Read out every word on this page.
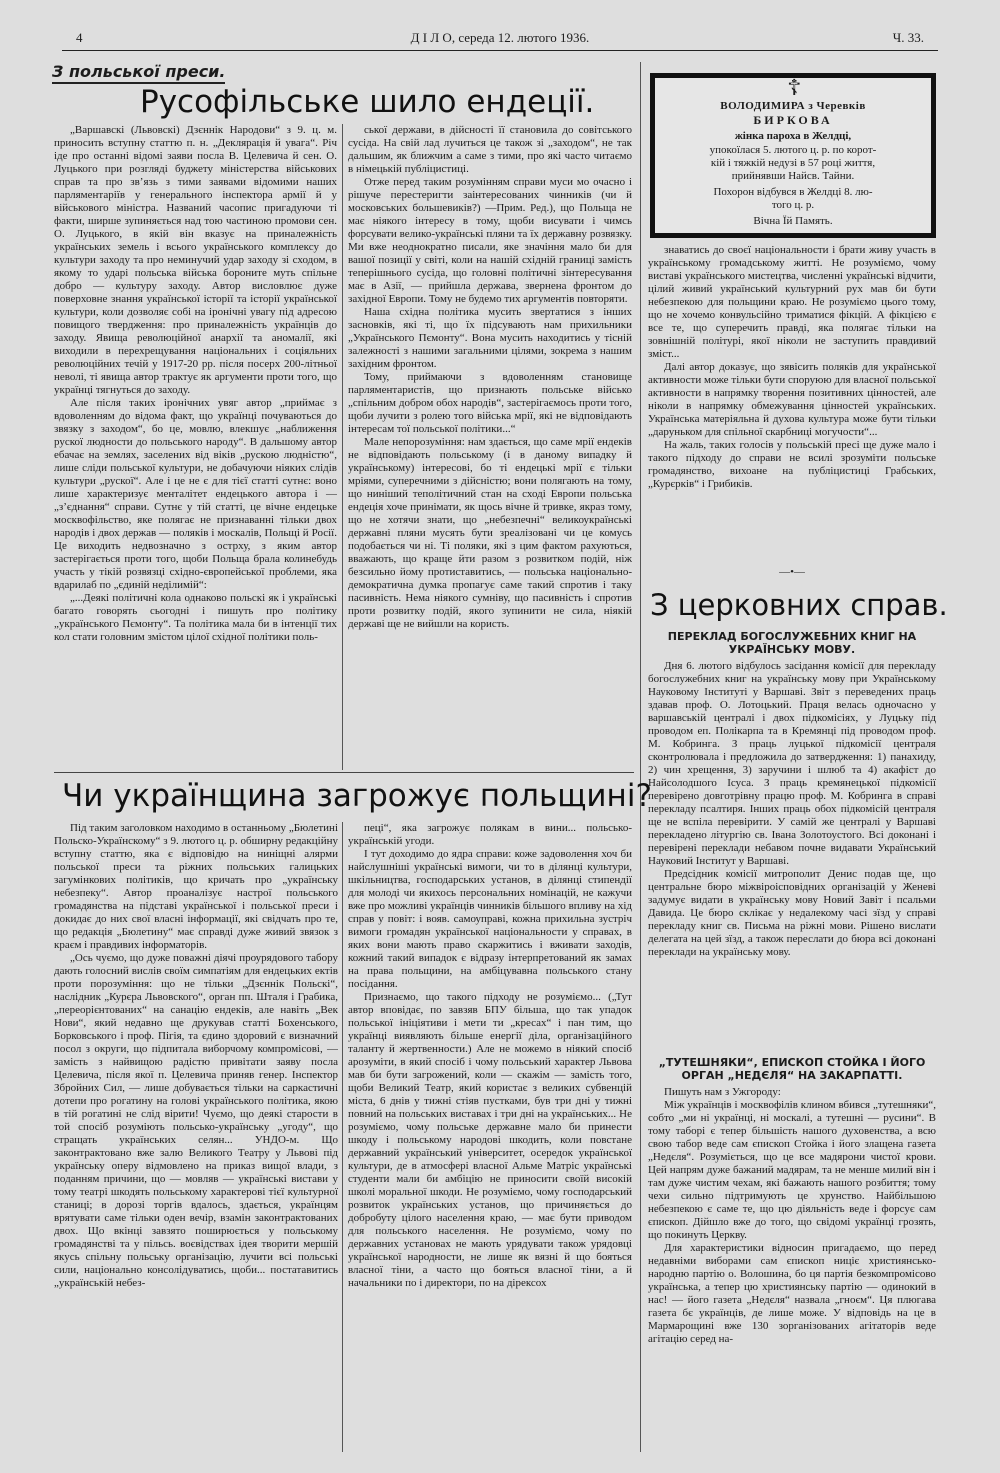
4	Д І Л О, середа 12. лютого 1936.	Ч. 33.
З польської преси.
Русофільське шило ендеції.

„Варшавскі (Львовскі) Дзєннік Народови“ з 9. ц. м. приносить вступну статтю п. н. „Деклярація й увага“. Річ іде про останні відомі заяви посла В. Целевича й сен. О. Луцького при розгляді буджету міністерства військових справ та про зв’язь з тими заявами відомими наших парляментаріїв у генерального інспектора армії й у військового міністра. Названий часопис пригадуючи ті факти, ширше зупиняється над тою частиною промови сен. О. Луцького, в якій він вказує на приналежність українських земель і всього українського комплексу до культури заходу та про неминучий удар заходу зі сходом, в якому то ударі польська війська бороните муть спільне добро — культуру заходу. Автор висловлює дуже поверховне знання української історії та історії української культури, коли дозволяє собі на іронічні увагу під адресою повищого твердження: про приналежність українців до заходу. Явища революційної анархії та аномалії, які виходили в перехрещування національних і соціяльних революційних течій у 1917-20 рр. після посерх 200-літньої неволі, ті явища автор трактує як аргументи проти того, що українці тягнуться до заходу.

Але після таких іронічних увяг автор „приймає з вдоволенням до відома факт, що українці почуваються до звязку з заходом“, бо це, мовлю, влекшує „наближення рускої людности до польського народу“. В дальшому автор ебачає на землях, заселених від віків „рускою людністю“, лише сліди польської культури, не добачуючи ніяких слідів культури „рускої“. Але і це не є для тієї статті сутнє: воно лише характеризує менталітет ендецького автора і — „з’єднання“ справи. Сутнє у тій статті, це вічне ендецьке москвофільство, яке полягає не признаванні тільки двох народів і двох держав — поляків і москалів, Польщі й Росії. Це виходить недвозначно з острху, з яким автор застерігається проти того, щоби Польща брала колинебудь участь у тікій розвязці східно-європейської проблеми, яка вдарилаб по „єдиній неділимій“:

„...Деякі політичні кола однаково польскі як і українські багато говорять сьогодні і пишуть про політику „українського Пємонту“. Та політика мала би в інтенції тих кол стати головним змістом цілої східної політики поль-

ської держави, в дійсності її становила до совітського сусіда. На свій лад лучиться це також зі „заходом“, не так дальшим, як ближчим а саме з тими, про які часто читаємо в німецькій публіцистиці.

Отже перед таким розумінням справи муси мо очасно і рішуче перестеригти заінтересованих чинників (чи й московських большевиків?) —Прим. Ред.), що Польща не має ніякого інтересу в тому, щоби висувати і чимсь форсувати велико-українські пляни та їх державну розвязку. Ми вже неоднократно писали, яке значіння мало би для вашої позиції у світі, коли на нашій східній границі замість теперішнього сусіда, що головні політичні зінтересування має в Азії, — прийшла держава, звернена фронтом до західної Европи. Тому не будемо тих аргументів повторяти.

Наша східна політика мусить звертатися з інших засновків, які ті, що їх підсувають нам прихильники „Українського Пємонту“. Вона мусить находитись у тісній залежності з нашими загальними цілями, зокрема з нашим західним фронтом.

Тому, приймаючи з вдоволенням становище парляментаристів, що признають польське військо „спільним добром обох народів“, застерігаємось проти того, щоби лучити з ролею того війська мрії, які не відповідають інтересам тої польської політики...“

Мале непорозуміння: нам здається, що саме мрії ендеків не відповідають польському (і в даному випадку й українському) інтересові, бо ті ендецькі мрії є тільки мріями, суперечними з дійсністю; вони полягають на тому, що ниніший теполітичний стан на сході Европи польська ендеція хоче принімати, як щось вічне й тривке, якраз тому, що не хотячи знати, що „небезпечні“ великоукраїнські державні пляни мусять бути зреалізовані чи це комусь подобається чи ні. Ті поляки, які з цим фактом рахуються, вважають, що краще йти разом з розвитком подій, ніж безсильно йому протиставитись, — польська національно-демократична думка пропагує саме такий спротив і таку пасивність. Нема ніякого сумніву, що пасивність і спротив проти розвитку подій, якого зупинити не сила, ніякій державі ще не вийшли на користь.

☦
ВОЛОДИМИРА з Черевків
БИРКОВА
жінка пароха в Желдці,
упокоїлася 5. лютого ц. р. по корот-
кій і тяжкій недузі в 57 році життя,
прийнявши Найсв. Тайни.
Похорон відбувся в Желдці 8. лю-
того ц. р.
Вічна Їй Память.

знаватись до своєї національности і брати живу участь в українському громадському житті. Не розуміємо, чому виставі українського мистецтва, численні українські відчити, цілий живий український культурний рух мав би бути небезпекою для польщини краю. Не розуміємо цього тому, що не хочемо конвульсійно триматися фікцій. А фікцією є все те, що суперечить правді, яка полягає тільки на зовнішній політурі, якої ніколи не заступить правдивий зміст...

Далі автор доказує, що зявісить поляків для української активности може тільки бути споруюю для власної польської активности в напрямку творення позитивних цінностей, але ніколи в напрямку обмежування цінностей українських. Українська матеріяльна й духова культура може бути тільки „даруньком для спільної скарбниці могучости“...

На жаль, таких голосів у польській пресі ще дуже мало і такого підходу до справи не всилі зрозуміти польське громадянство, вихоане на публіцистиці Грабських, „Курєрків“ і Грибиків.

—•—
Чи українщина загрожує польщині?

Під таким заголовком находимо в останньому „Бюлетині Польско-Українскому“ з 9. лютого ц. р. обширну редакційну вступну статтю, яка є відповідю на ниніщні алярми польської преси та ріжних польських галицьких загумінкових політиків, що кричать про „українську небезпеку“. Автор проаналізує настрої польського громадянства на підставі української і польської преси і докидає до них свої власні інформації, які свідчать про те, що редакція „Бюлетину“ має справді дуже живий звязок з краєм і правдивих інформаторів.

„Ось чуємо, що дуже поважні діячі проурядового табору дають голосний вислів своїм симпатіям для ендецьких ектів проти порозуміння: що не тільки „Дзєннік Польскі“, наслідник „Курєра Львовского“, орган пп. Шталя і Грабика, „переорієнтованих“ на санацію ендеків, але навіть „Век Нови“, який недавно ще друкував статті Бохенського, Борковського і проф. Пігія, та єдино здоровий є визначний посол з округи, що підпитала виборчому компромісові, — замість з найвищою радістю привітати заяву посла Целевича, після якої п. Целевича приняв генер. Інспектор Збройних Сил, — лише добувається тільки на саркастичні дотепи про рогатину на голові українського політика, якою в тій рогатині не слід вірити! Чуємо, що деякі старости в той спосіб розуміють польсько-українську „угоду“, що стращать українських селян... УНДО-м. Що законтрактовано вже залю Великого Театру у Львові під українську оперу відмовлено на приказ вищої влади, з поданням причини, що — мовляв — українські вистави у тому театрі шкодять польському характерові тієї культурної станиці; в дорозі торгів вдалось, здається, українцям врятувати саме тільки оден вечір, взамін законтрактованих двох. Що вкінці завзято поширюється у польському громадянстві та у пільсь. воєвідствах ідея творити мершій якусь спільну польську організацію, лучити всі польські сили, національно консолідуватись, щоби... постатавитись „українській небез-

пеці“, яка загрожує полякам в вини... польсько-українській угоди.

І тут доходимо до ядра справи: коже задоволення хоч би найслушніші українські вимоги, чи то в ділянці культури, шкільництва, господарських установ, в ділянці стипендії для молоді чи якихось персональних номінацій, не кажучи вже про можливі українців чинників більшого впливу на хід справ у повіт: і вояв. самоуправі, кожна прихильна зустріч вимоги громадян української національности у справах, в яких вони мають право скаржитись і вживати заходів, кожний такий випадок є відразу інтерпретований як замах на права польщини, на амбіцувавна польського стану посідання.

Признаємо, що такого підходу не розуміємо... („Тут автор вповідає, по завзяв БПУ більша, що так упадок польської ініціятиви і мети ти „кресах“ і пан тим, що українці виявляють більше енергії діла, організаційного таланту й жертвенности.) Але не можемо в ніякий спосіб арозуміти, в який спосіб і чому польський характер Львова мав би бути загрожений, коли — скажім — замість того, щоби Великий Театр, який користає з великих субвенцій міста, 6 днів у тижні стіяв пустками, був три дні у тижні повний на польських виставах і три дні на українських... Не розуміємо, чому польське державне мало би принести шкоду і польському народові шкодить, коли повстане державний український університет, осередок української культури, де в атмосфері власної Альме Матріс українські студенти мали би амбіцію не приносити своїй високій школі моральної шкоди. Не розуміємо, чому господарський розвиток українських установ, що причиняється до добробуту цілого населення краю, — має бути приводом для польського населення. Не розуміємо, чому по державних установах не мають урядувати також урядовці української народности, не лише як вязні й що бояться власної тіни, а часто що бояться власної тіни, а й начальники по і директори, по на дірексох

З церковних справ.
ПЕРЕКЛАД БОГОСЛУЖЕБНИХ КНИГ НА
УКРАЇНСЬКУ МОВУ.

Дня 6. лютого відбулось засідання комісії для перекладу богослужебних книг на українську мову при Українському Науковому Інституті у Варшаві. Звіт з переведених праць здавав проф. О. Лотоцький. Праця велась одночасно у варшавській централі і двох підкомісіях, у Луцьку під проводом еп. Полікарпа та в Кремянці під проводом проф. М. Кобринга. З праць луцької підкомісії централя сконтролювала і предложила до затвердження: 1) панахиду, 2) чин хрещення, 3) заручини і шлюб та 4) акафіст до Найсолодшого Ісуса. З праць кремянецької підкомісії перевірено довготрівну працю проф. М. Кобринга в справі перекладу псалтиря. Інших праць обох підкомісій централя ще не вспіла перевірити. У самій же централі у Варшаві перекладено літургію св. Івана Золотоустого. Всі доконані і перевірені переклади небавом почне видавати Український Науковий Інститут у Варшаві.

Предсідник комісії митрополит Денис подав ще, що центральне бюро міжвіроісповідних організацій у Женеві задумує видати в українську мову Новий Завіт і псальми Давида. Це бюро склікає у недалекому часі зїзд у справі перекладу книг св. Письма на ріжні мови. Рішено вислати делегата на цей зїзд, а також переслати до бюра всі доконані переклади на українську мову.

„ТУТЕШНЯКИ“, ЕПИСКОП СТОЙКА І ЙОГО
ОРГАН „НЕДЄЛЯ“ НА ЗАКАРПАТТІ.

Пишуть нам з Ужгороду:

Між українців і москвофілів клином вбився „тутешняки“, собто „ми ні українці, ні москалі, а тутешні — русини“. В тому таборі є тепер більшість нашого духовенства, а всю свою табор веде сам єпископ Стойка і його злащена газета „Недєля“. Розуміється, що це все мадярони чистої крови. Цей напрям дуже бажаний мадярам, та не менше милий він і там дуже чистим чехам, які бажають нашого розбиття; тому чехи сильно підтримують це хрунство. Найбільшою небезпекою є саме те, що цю діяльність веде і форсує сам єпископ. Дійшло вже до того, що свідомі українці грозять, що покинуть Церкву.

Для характеристики відносин пригадаємо, що перед недавніми виборами сам єпископ ниціє християнсько-народню партію о. Волошина, бо ця партія безкомпромісово українська, а тепер цю християнську партію — одинокий в нас! — його газета „Недєля“ назвала „гноєм“. Ця плюгава газета бє українців, де лише може. У відповідь на це в Мармарощині вже 130 зорганізованих агітаторів веде агітацію серед на-
